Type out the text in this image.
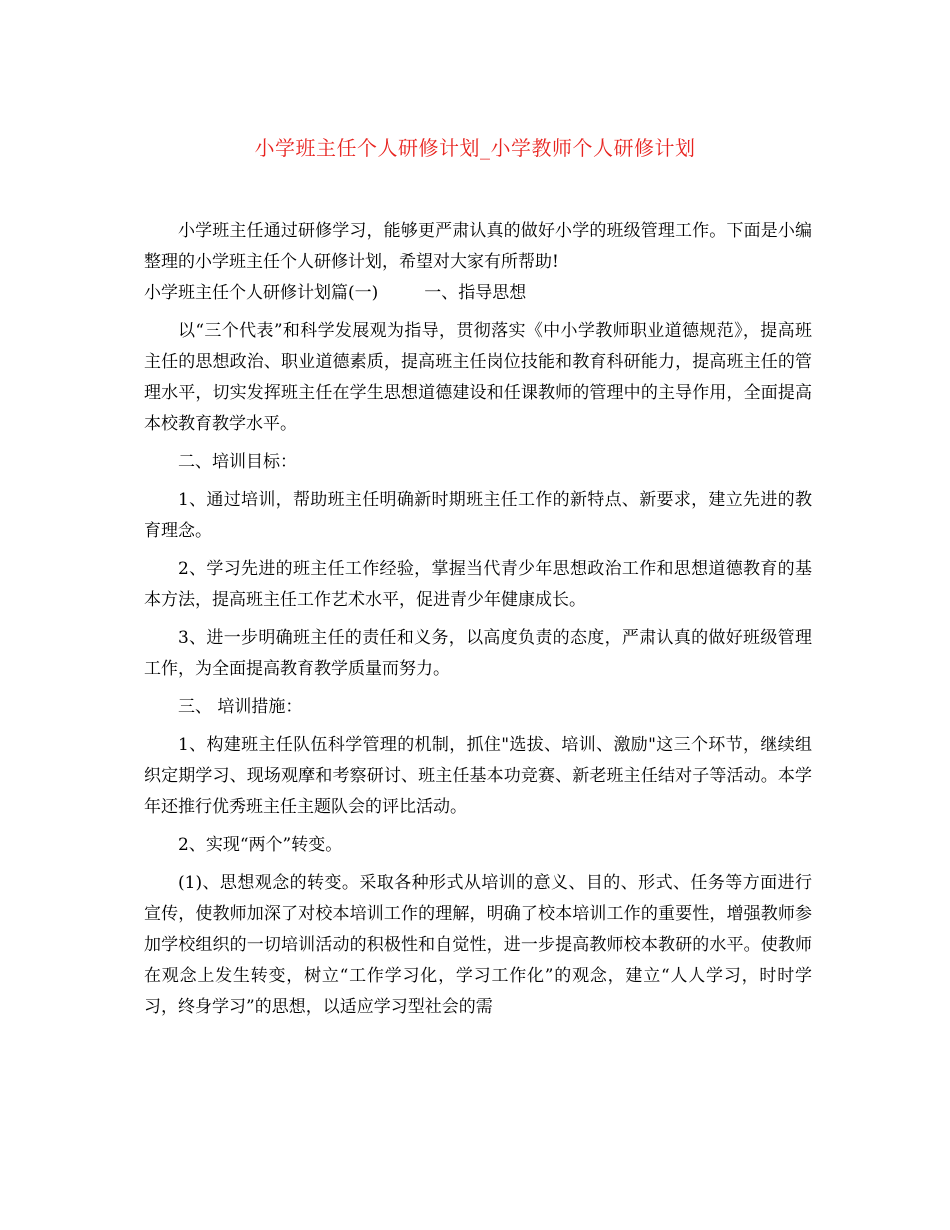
小学班主任个人研修计划_小学教师个人研修计划

小学班主任通过研修学习，能够更严肃认真的做好小学的班级管理工作。下面是小编整理的小学班主任个人研修计划，希望对大家有所帮助!

小学班主任个人研修计划篇(一)	一、指导思想

以“三个代表”和科学发展观为指导，贯彻落实《中小学教师职业道德规范》，提高班主任的思想政治、职业道德素质，提高班主任岗位技能和教育科研能力，提高班主任的管理水平，切实发挥班主任在学生思想道德建设和任课教师的管理中的主导作用，全面提高本校教育教学水平。

二、培训目标：

1、通过培训，帮助班主任明确新时期班主任工作的新特点、新要求，建立先进的教育理念。

2、学习先进的班主任工作经验，掌握当代青少年思想政治工作和思想道德教育的基本方法，提高班主任工作艺术水平，促进青少年健康成长。

3、进一步明确班主任的责任和义务，以高度负责的态度，严肃认真的做好班级管理工作，为全面提高教育教学质量而努力。

三、 培训措施：

1、构建班主任队伍科学管理的机制，抓住"选拔、培训、激励"这三个环节，继续组织定期学习、现场观摩和考察研讨、班主任基本功竞赛、新老班主任结对子等活动。本学年还推行优秀班主任主题队会的评比活动。

2、实现“两个”转变。

(1)、思想观念的转变。采取各种形式从培训的意义、目的、形式、任务等方面进行宣传，使教师加深了对校本培训工作的理解，明确了校本培训工作的重要性，增强教师参加学校组织的一切培训活动的积极性和自觉性，进一步提高教师校本教研的水平。使教师在观念上发生转变，树立“工作学习化，学习工作化”的观念，建立“人人学习，时时学习，终身学习”的思想，以适应学习型社会的需
